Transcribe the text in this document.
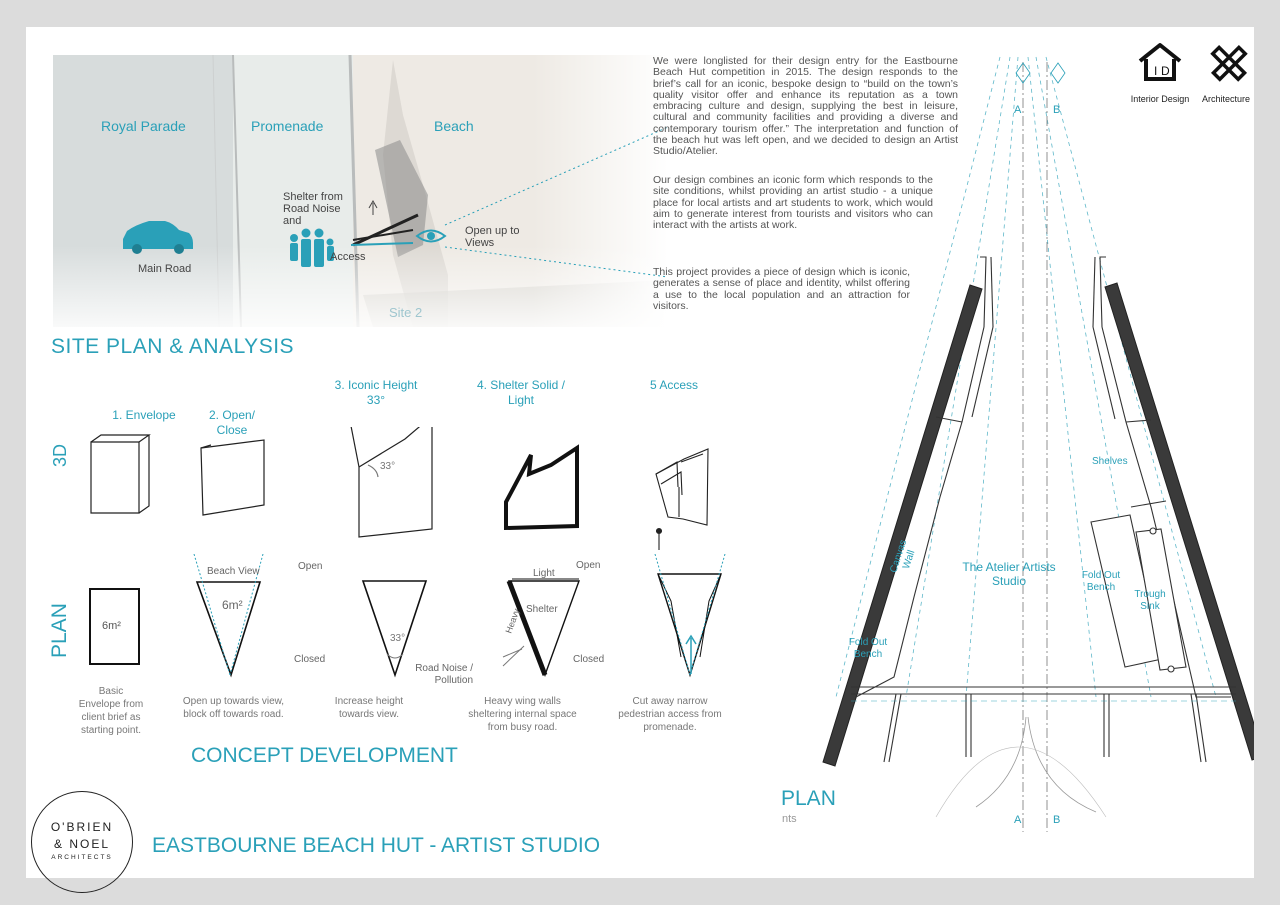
Royal Parade	Promenade	Beach
Main Road
Shelter from Road Noise and
Access
Open up to Views
Site 2
SITE PLAN & ANALYSIS
We were longlisted for their design entry for the Eastbourne Beach Hut competition in 2015. The design responds to the brief’s call for an iconic, bespoke design to “build on the town’s quality visitor offer and enhance its reputation as a town embracing culture and design, supplying the best in leisure, cultural and community facilities and providing a diverse and contemporary tourism offer.” The interpretation and function of the beach hut was left open, and we decided to design an Artist Studio/Atelier.
Our design combines an iconic form which responds to the site conditions, whilst providing an artist studio - a unique place for local artists and art students to work, which would aim to generate interest from tourists and visitors who can interact with the artists at work.
This project provides a piece of design which is iconic, generates a sense of place and identity, whilst offering a use to the local population and an attraction for visitors.
I D
Interior Design	Architecture
3D
PLAN
1. Envelope	2. Open/ Close
3. Iconic Height 33°
4. Shelter Solid / Light
5 Access
33°
6m²
Beach View	Open
6m²
Closed
33°
Light
Open
Shelter
Heavy
Closed
Road Noise / Pollution
Basic Envelope from client brief as starting point.
Open up towards view, block off towards road.
Increase height towards view.
Heavy wing walls sheltering internal space from busy road.
Cut away narrow pedestrian access from promenade.
CONCEPT DEVELOPMENT
A	B
A	B
Canvas Wall	The Atelier Artists Studio
Shelves
Fold Out Bench
Trough Sink
Fold Out Bench
PLAN
nts
O'BRIEN
& NOEL
ARCHITECTS
EASTBOURNE BEACH HUT - ARTIST STUDIO
